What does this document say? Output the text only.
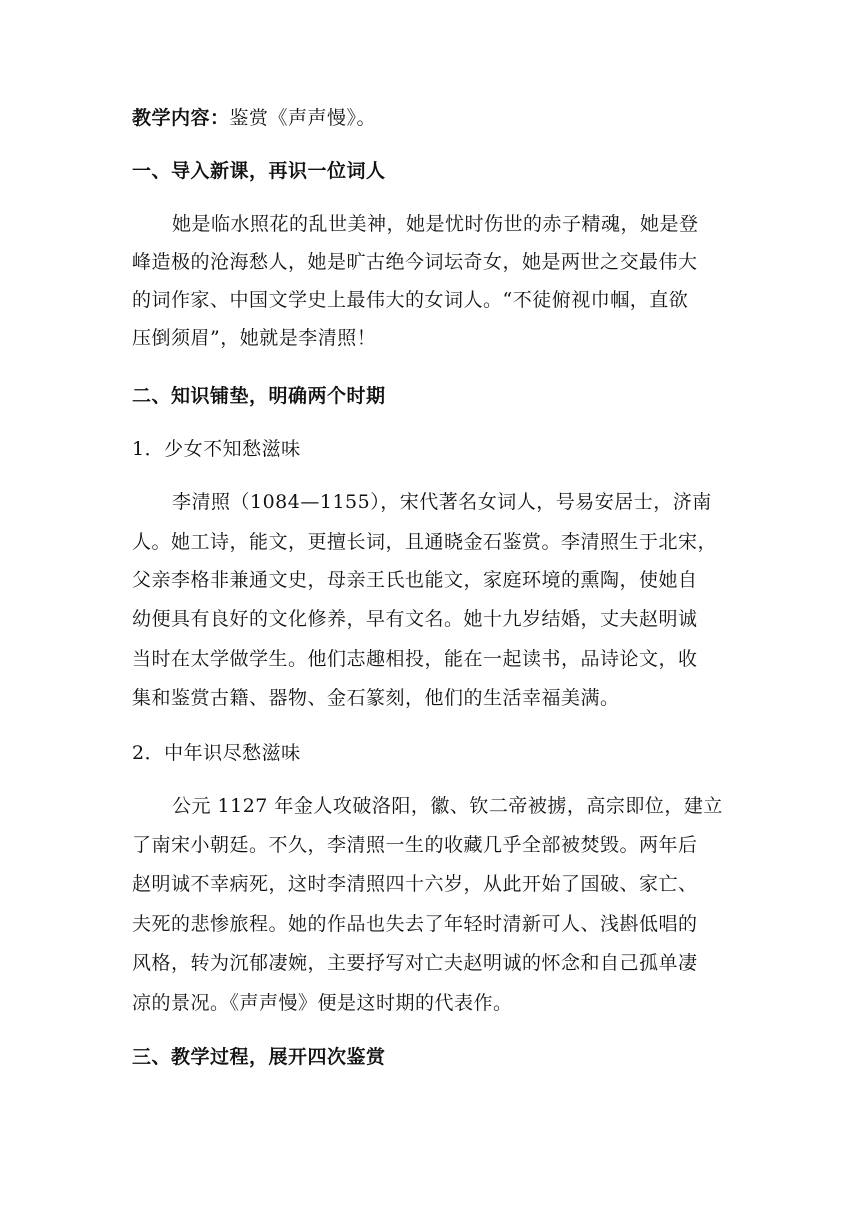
教学内容：鉴赏《声声慢》。
一、导入新课，再识一位词人
她是临水照花的乱世美神，她是忧时伤世的赤子精魂，她是登
峰造极的沧海愁人，她是旷古绝今词坛奇女，她是两世之交最伟大
的词作家、中国文学史上最伟大的女词人。“不徒俯视巾帼，直欲
压倒须眉”，她就是李清照！
二、知识铺垫，明确两个时期
1．少女不知愁滋味
李清照（1084—1155），宋代著名女词人，号易安居士，济南
人。她工诗，能文，更擅长词，且通晓金石鉴赏。李清照生于北宋，
父亲李格非兼通文史，母亲王氏也能文，家庭环境的熏陶，使她自
幼便具有良好的文化修养，早有文名。她十九岁结婚，丈夫赵明诚
当时在太学做学生。他们志趣相投，能在一起读书，品诗论文，收
集和鉴赏古籍、器物、金石篆刻，他们的生活幸福美满。
2．中年识尽愁滋味
公元 1127 年金人攻破洛阳，徽、钦二帝被掳，高宗即位，建立
了南宋小朝廷。不久，李清照一生的收藏几乎全部被焚毁。两年后
赵明诚不幸病死，这时李清照四十六岁，从此开始了国破、家亡、
夫死的悲惨旅程。她的作品也失去了年轻时清新可人、浅斟低唱的
风格，转为沉郁凄婉，主要抒写对亡夫赵明诚的怀念和自己孤单凄
凉的景况。《声声慢》便是这时期的代表作。
三、教学过程，展开四次鉴赏
